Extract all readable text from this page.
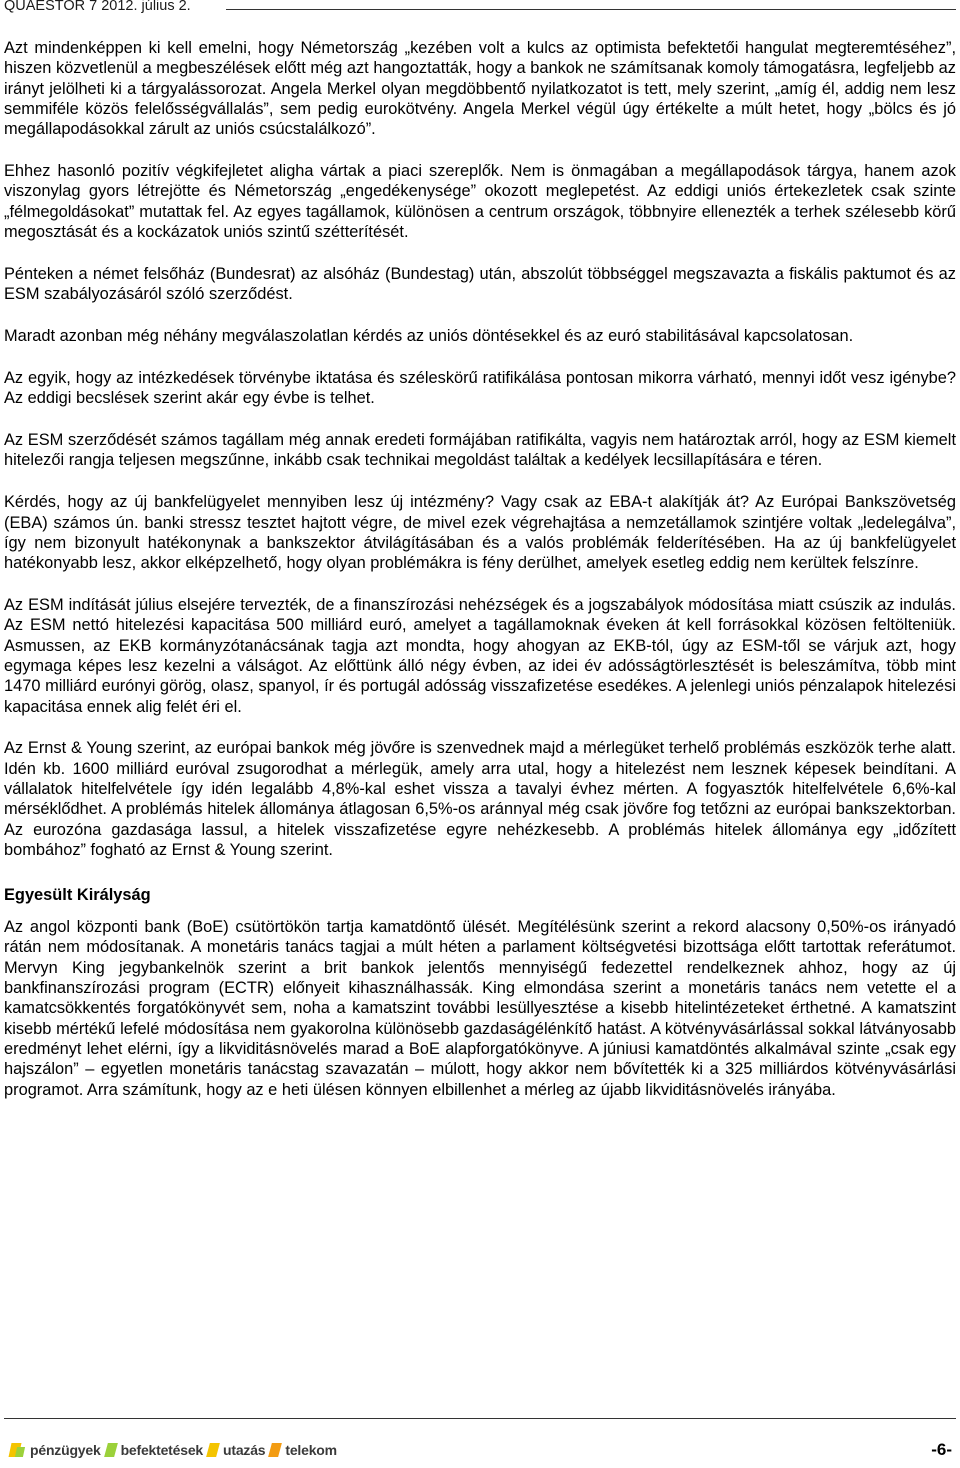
QUAESTOR 7 2012. július 2.

Azt mindenképpen ki kell emelni, hogy Németország „kezében volt a kulcs az optimista befektetői hangulat megteremtéséhez”, hiszen közvetlenül a megbeszélések előtt még azt hangoztatták, hogy a bankok ne számítsanak komoly támogatásra, legfeljebb az irányt jelölheti ki a tárgyalássorozat. Angela Merkel olyan megdöbbentő nyilatkozatot is tett, mely szerint, „amíg él, addig nem lesz semmiféle közös felelősségvállalás”, sem pedig eurokötvény. Angela Merkel végül úgy értékelte a múlt hetet, hogy „bölcs és jó megállapodásokkal zárult az uniós csúcstalálkozó”.

Ehhez hasonló pozitív végkifejletet aligha vártak a piaci szereplők. Nem is önmagában a megállapodások tárgya, hanem azok viszonylag gyors létrejötte és Németország „engedékenysége” okozott meglepetést. Az eddigi uniós értekezletek csak szinte „félmegoldásokat” mutattak fel. Az egyes tagállamok, különösen a centrum országok, többnyire ellenezték a terhek szélesebb körű megosztását és a kockázatok uniós szintű szétterítését.

Pénteken a német felsőház (Bundesrat) az alsóház (Bundestag) után, abszolút többséggel megszavazta a fiskális paktumot és az ESM szabályozásáról szóló szerződést.

Maradt azonban még néhány megválaszolatlan kérdés az uniós döntésekkel és az euró stabilitásával kapcsolatosan.

Az egyik, hogy az intézkedések törvénybe iktatása és széleskörű ratifikálása pontosan mikorra várható, mennyi időt vesz igénybe? Az eddigi becslések szerint akár egy évbe is telhet.

Az ESM szerződését számos tagállam még annak eredeti formájában ratifikálta, vagyis nem határoztak arról, hogy az ESM kiemelt hitelezői rangja teljesen megszűnne, inkább csak technikai megoldást találtak a kedélyek lecsillapítására e téren.

Kérdés, hogy az új bankfelügyelet mennyiben lesz új intézmény? Vagy csak az EBA-t alakítják át? Az Európai Bankszövetség (EBA) számos ún. banki stressz tesztet hajtott végre, de mivel ezek végrehajtása a nemzetállamok szintjére voltak „ledelegálva”, így nem bizonyult hatékonynak a bankszektor átvilágításában és a valós problémák felderítésében. Ha az új bankfelügyelet hatékonyabb lesz, akkor elképzelhető, hogy olyan problémákra is fény derülhet, amelyek esetleg eddig nem kerültek felszínre.

Az ESM indítását július elsejére tervezték, de a finanszírozási nehézségek és a jogszabályok módosítása miatt csúszik az indulás. Az ESM nettó hitelezési kapacitása 500 milliárd euró, amelyet a tagállamoknak éveken át kell forrásokkal közösen feltölteniük. Asmussen, az EKB kormányzótanácsának tagja azt mondta, hogy ahogyan az EKB-tól, úgy az ESM-től se várjuk azt, hogy egymaga képes lesz kezelni a válságot. Az előttünk álló négy évben, az idei év adósságtörlesztését is beleszámítva, több mint 1470 milliárd eurónyi görög, olasz, spanyol, ír és portugál adósság visszafizetése esedékes. A jelenlegi uniós pénzalapok hitelezési kapacitása ennek alig felét éri el.

Az Ernst & Young szerint, az európai bankok még jövőre is szenvednek majd a mérlegüket terhelő problémás eszközök terhe alatt. Idén kb. 1600 milliárd euróval zsugorodhat a mérlegük, amely arra utal, hogy a hitelezést nem lesznek képesek beindítani. A vállalatok hitelfelvétele így idén legalább 4,8%-kal eshet vissza a tavalyi évhez mérten. A fogyasztók hitelfelvétele 6,6%-kal mérséklődhet. A problémás hitelek állománya átlagosan 6,5%-os aránnyal még csak jövőre fog tetőzni az európai bankszektorban. Az eurozóna gazdasága lassul, a hitelek visszafizetése egyre nehézkesebb. A problémás hitelek állománya egy „időzített bombához” fogható az Ernst & Young szerint.

Egyesült Királyság

Az angol központi bank (BoE) csütörtökön tartja kamatdöntő ülését. Megítélésünk szerint a rekord alacsony 0,50%-os irányadó rátán nem módosítanak. A monetáris tanács tagjai a múlt héten a parlament költségvetési bizottsága előtt tartottak referátumot. Mervyn King jegybankelnök szerint a brit bankok jelentős mennyiségű fedezettel rendelkeznek ahhoz, hogy az új bankfinanszírozási program (ECTR) előnyeit kihasználhassák. King elmondása szerint a monetáris tanács nem vetette el a kamatcsökkentés forgatókönyvét sem, noha a kamatszint további lesüllyesztése a kisebb hitelintézeteket érthetné. A kamatszint kisebb mértékű lefelé módosítása nem gyakorolna különösebb gazdaságélénkítő hatást. A kötvényvásárlással sokkal látványosabb eredményt lehet elérni, így a likviditásnövelés marad a BoE alapforgatókönyve. A júniusi kamatdöntés alkalmával szinte „csak egy hajszálon” – egyetlen monetáris tanácstag szavazatán – múlott, hogy akkor nem bővítették ki a 325 milliárdos kötvényvásárlási programot. Arra számítunk, hogy az e heti ülésen könnyen elbillenhet a mérleg az újabb likviditásnövelés irányába.

pénzügyek befektetések utazás telekom	-6-
